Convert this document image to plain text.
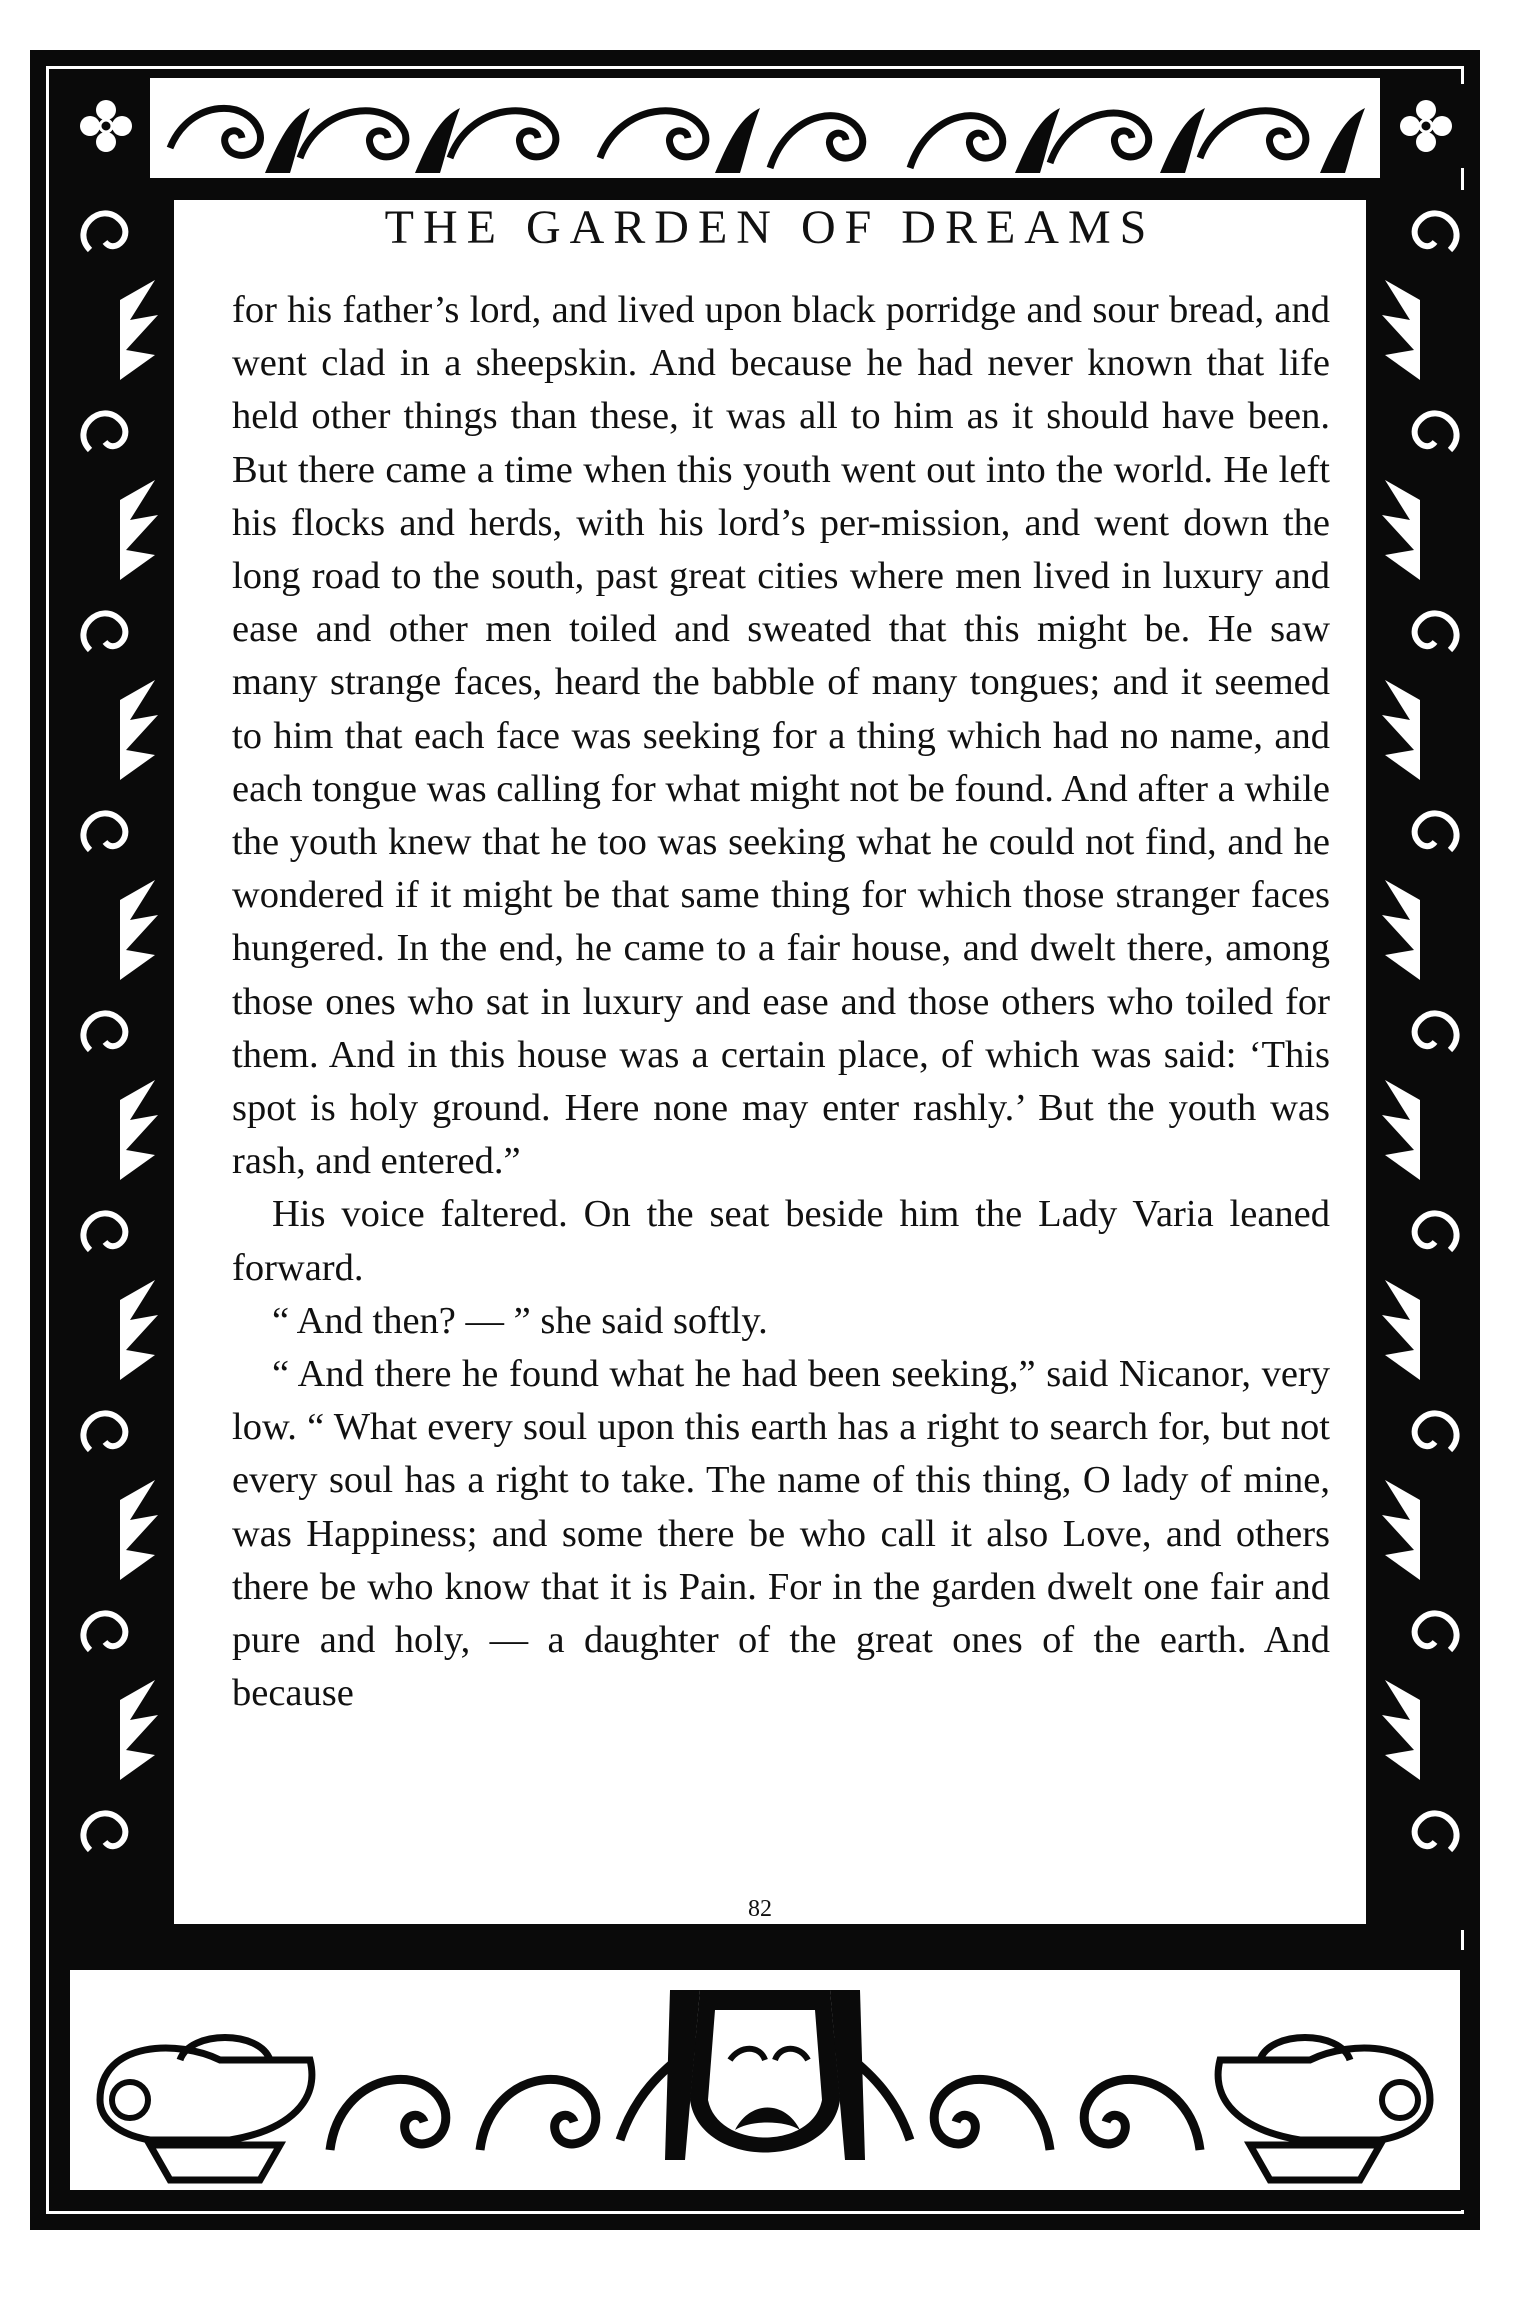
THE GARDEN OF DREAMS

for his father’s lord, and lived upon black porridge and sour bread, and went clad in a sheepskin. And because he had never known that life held other things than these, it was all to him as it should have been. But there came a time when this youth went out into the world. He left his flocks and herds, with his lord’s per-mission, and went down the long road to the south, past great cities where men lived in luxury and ease and other men toiled and sweated that this might be. He saw many strange faces, heard the babble of many tongues; and it seemed to him that each face was seeking for a thing which had no name, and each tongue was calling for what might not be found. And after a while the youth knew that he too was seeking what he could not find, and he wondered if it might be that same thing for which those stranger faces hungered. In the end, he came to a fair house, and dwelt there, among those ones who sat in luxury and ease and those others who toiled for them. And in this house was a certain place, of which was said: ‘This spot is holy ground. Here none may enter rashly.’ But the youth was rash, and entered.”

His voice faltered. On the seat beside him the Lady Varia leaned forward.

“ And then? — ” she said softly.

“ And there he found what he had been seeking,” said Nicanor, very low. “ What every soul upon this earth has a right to search for, but not every soul has a right to take. The name of this thing, O lady of mine, was Happiness; and some there be who call it also Love, and others there be who know that it is Pain. For in the garden dwelt one fair and pure and holy, — a daughter of the great ones of the earth. And because

82
